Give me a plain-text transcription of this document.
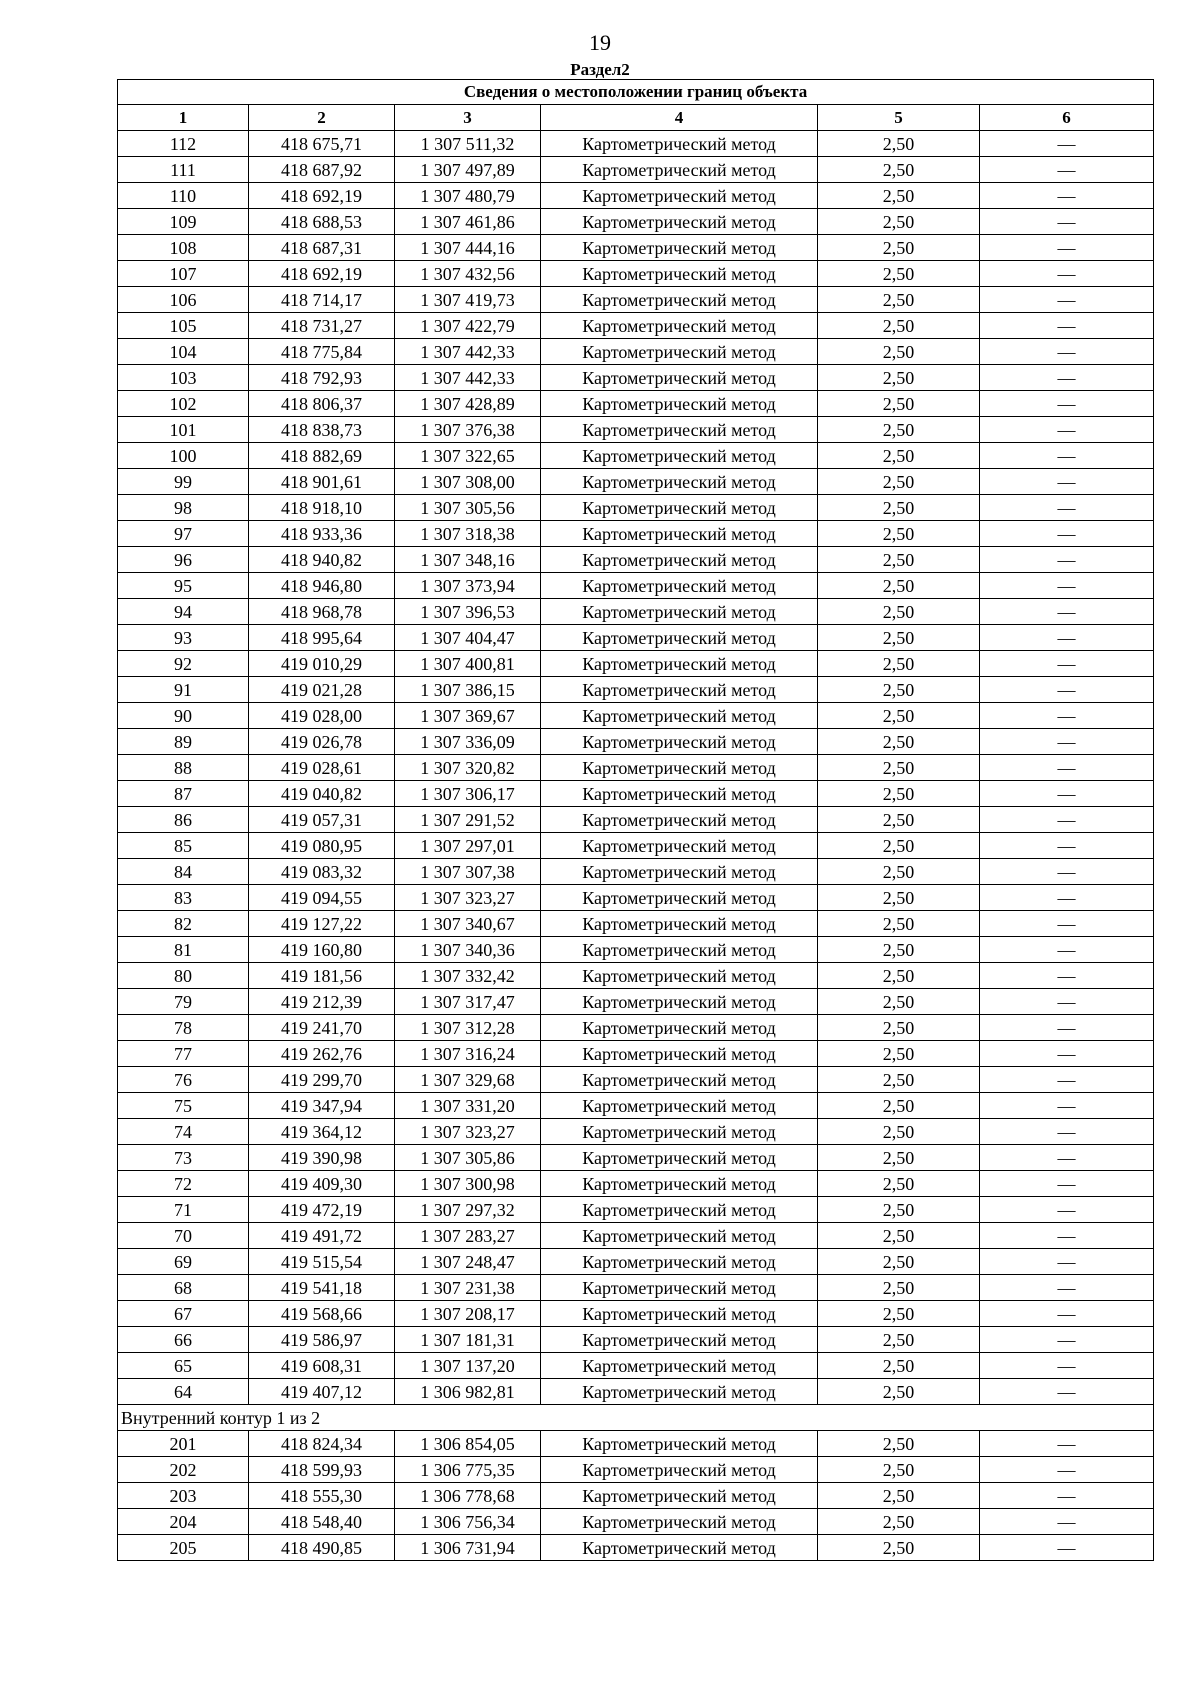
19
Раздел2
Сведения о местоположении границ объекта					
1	2	3	4	5	6
112	418 675,71	1 307 511,32	Картометрический метод	2,50	—
111	418 687,92	1 307 497,89	Картометрический метод	2,50	—
110	418 692,19	1 307 480,79	Картометрический метод	2,50	—
109	418 688,53	1 307 461,86	Картометрический метод	2,50	—
108	418 687,31	1 307 444,16	Картометрический метод	2,50	—
107	418 692,19	1 307 432,56	Картометрический метод	2,50	—
106	418 714,17	1 307 419,73	Картометрический метод	2,50	—
105	418 731,27	1 307 422,79	Картометрический метод	2,50	—
104	418 775,84	1 307 442,33	Картометрический метод	2,50	—
103	418 792,93	1 307 442,33	Картометрический метод	2,50	—
102	418 806,37	1 307 428,89	Картометрический метод	2,50	—
101	418 838,73	1 307 376,38	Картометрический метод	2,50	—
100	418 882,69	1 307 322,65	Картометрический метод	2,50	—
99	418 901,61	1 307 308,00	Картометрический метод	2,50	—
98	418 918,10	1 307 305,56	Картометрический метод	2,50	—
97	418 933,36	1 307 318,38	Картометрический метод	2,50	—
96	418 940,82	1 307 348,16	Картометрический метод	2,50	—
95	418 946,80	1 307 373,94	Картометрический метод	2,50	—
94	418 968,78	1 307 396,53	Картометрический метод	2,50	—
93	418 995,64	1 307 404,47	Картометрический метод	2,50	—
92	419 010,29	1 307 400,81	Картометрический метод	2,50	—
91	419 021,28	1 307 386,15	Картометрический метод	2,50	—
90	419 028,00	1 307 369,67	Картометрический метод	2,50	—
89	419 026,78	1 307 336,09	Картометрический метод	2,50	—
88	419 028,61	1 307 320,82	Картометрический метод	2,50	—
87	419 040,82	1 307 306,17	Картометрический метод	2,50	—
86	419 057,31	1 307 291,52	Картометрический метод	2,50	—
85	419 080,95	1 307 297,01	Картометрический метод	2,50	—
84	419 083,32	1 307 307,38	Картометрический метод	2,50	—
83	419 094,55	1 307 323,27	Картометрический метод	2,50	—
82	419 127,22	1 307 340,67	Картометрический метод	2,50	—
81	419 160,80	1 307 340,36	Картометрический метод	2,50	—
80	419 181,56	1 307 332,42	Картометрический метод	2,50	—
79	419 212,39	1 307 317,47	Картометрический метод	2,50	—
78	419 241,70	1 307 312,28	Картометрический метод	2,50	—
77	419 262,76	1 307 316,24	Картометрический метод	2,50	—
76	419 299,70	1 307 329,68	Картометрический метод	2,50	—
75	419 347,94	1 307 331,20	Картометрический метод	2,50	—
74	419 364,12	1 307 323,27	Картометрический метод	2,50	—
73	419 390,98	1 307 305,86	Картометрический метод	2,50	—
72	419 409,30	1 307 300,98	Картометрический метод	2,50	—
71	419 472,19	1 307 297,32	Картометрический метод	2,50	—
70	419 491,72	1 307 283,27	Картометрический метод	2,50	—
69	419 515,54	1 307 248,47	Картометрический метод	2,50	—
68	419 541,18	1 307 231,38	Картометрический метод	2,50	—
67	419 568,66	1 307 208,17	Картометрический метод	2,50	—
66	419 586,97	1 307 181,31	Картометрический метод	2,50	—
65	419 608,31	1 307 137,20	Картометрический метод	2,50	—
64	419 407,12	1 306 982,81	Картометрический метод	2,50	—
Внутренний контур 1 из 2					
201	418 824,34	1 306 854,05	Картометрический метод	2,50	—
202	418 599,93	1 306 775,35	Картометрический метод	2,50	—
203	418 555,30	1 306 778,68	Картометрический метод	2,50	—
204	418 548,40	1 306 756,34	Картометрический метод	2,50	—
205	418 490,85	1 306 731,94	Картометрический метод	2,50	—
